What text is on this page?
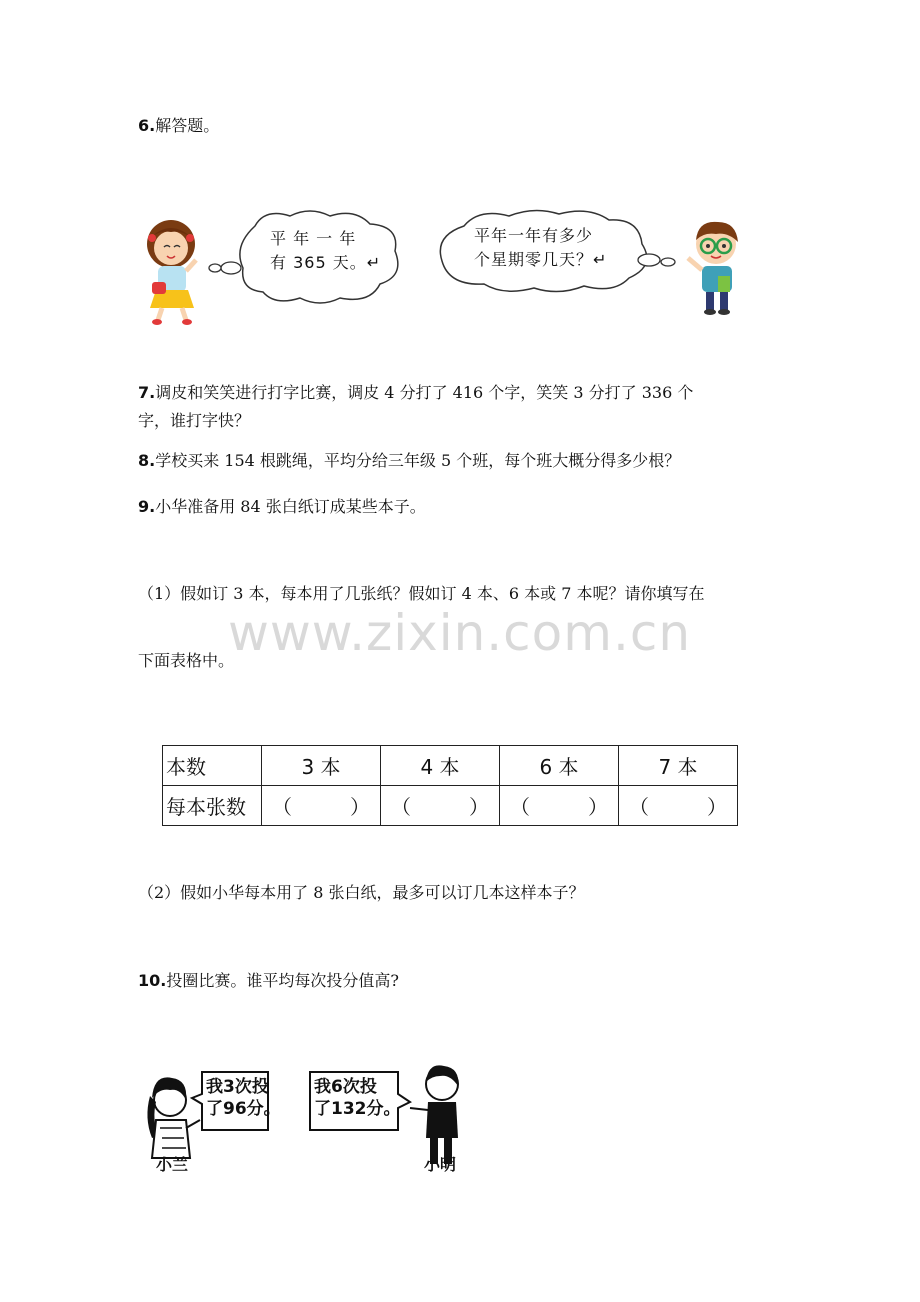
6.解答题。
平 年 一 年
有 365 天。↵
平年一年有多少
个星期零几天？↵
7.调皮和笑笑进行打字比赛，调皮 4 分打了 416 个字，笑笑 3 分打了 336 个
字，谁打字快？
8.学校买来 154 根跳绳，平均分给三年级 5 个班，每个班大概分得多少根？
9.小华准备用 84 张白纸订成某些本子。
www.zixin.com.cn
（1）假如订 3 本，每本用了几张纸？假如订 4 本、6 本或 7 本呢？请你填写在
下面表格中。
本数	3 本	4 本	6 本	7 本
每本张数	（ ）	（ ）	（ ）	（ ）
（2）假如小华每本用了 8 张白纸，最多可以订几本这样本子？
10.投圈比赛。谁平均每次投分值高?
我3次投
了96分。
我6次投
了132分。
小兰	小明
